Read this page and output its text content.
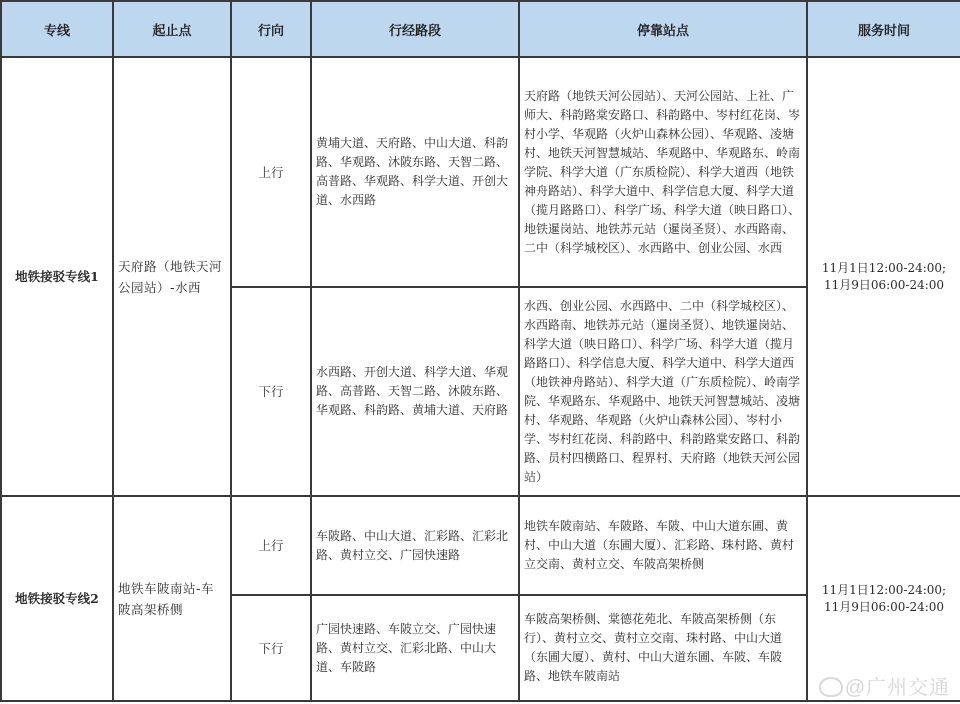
专线	起止点	行向	行经路段	停靠站点	服务时间
地铁接驳专线1	天府路（地铁天河公园站）-水西	上行	黄埔大道、天府路、中山大道、科韵路、华观路、沐陂东路、天智二路、高普路、华观路、科学大道、开创大道、水西路	天府路（地铁天河公园站）、天河公园站、上社、广师大、科韵路棠安路口、科韵路中、岑村红花岗、岑村小学、华观路（火炉山森林公园）、华观路、凌塘村、地铁天河智慧城站、华观路中、华观路东、岭南学院、科学大道（广东质检院）、科学大道西（地铁神舟路站）、科学大道中、科学信息大厦、科学大道（揽月路路口）、科学广场、科学大道（映日路口）、地铁暹岗站、地铁苏元站（暹岗圣贤）、水西路南、二中（科学城校区）、水西路中、创业公园、水西	11月1日12:00-24:00;
11月9日06:00-24:00

		下行	水西路、开创大道、科学大道、华观路、高普路、天智二路、沐陂东路、华观路、科韵路、黄埔大道、天府路	水西、创业公园、水西路中、二中（科学城校区）、水西路南、地铁苏元站（暹岗圣贤）、地铁暹岗站、科学大道（映日路口）、科学广场、科学大道（揽月路路口）、科学信息大厦、科学大道中、科学大道西（地铁神舟路站）、科学大道（广东质检院）、岭南学院、华观路东、华观路中、地铁天河智慧城站、凌塘村、华观路、华观路（火炉山森林公园）、岑村小学、岑村红花岗、科韵路中、科韵路棠安路口、科韵路、员村四横路口、程界村、天府路（地铁天河公园站）	
地铁接驳专线2	地铁车陂南站-车陂高架桥侧	上行	车陂路、中山大道、汇彩路、汇彩北路、黄村立交、广园快速路	地铁车陂南站、车陂路、车陂、中山大道东圃、黄村、中山大道（东圃大厦）、汇彩路、珠村路、黄村立交南、黄村立交、车陂高架桥侧	11月1日12:00-24:00;
11月9日06:00-24:00

		下行	广园快速路、车陂立交、广园快速路、黄村立交、汇彩北路、中山大道、车陂路	车陂高架桥侧、棠德花苑北、车陂高架桥侧（东行）、黄村立交、黄村立交南、珠村路、中山大道（东圃大厦）、黄村、中山大道东圃、车陂、车陂路、地铁车陂南站	
@广州交通
